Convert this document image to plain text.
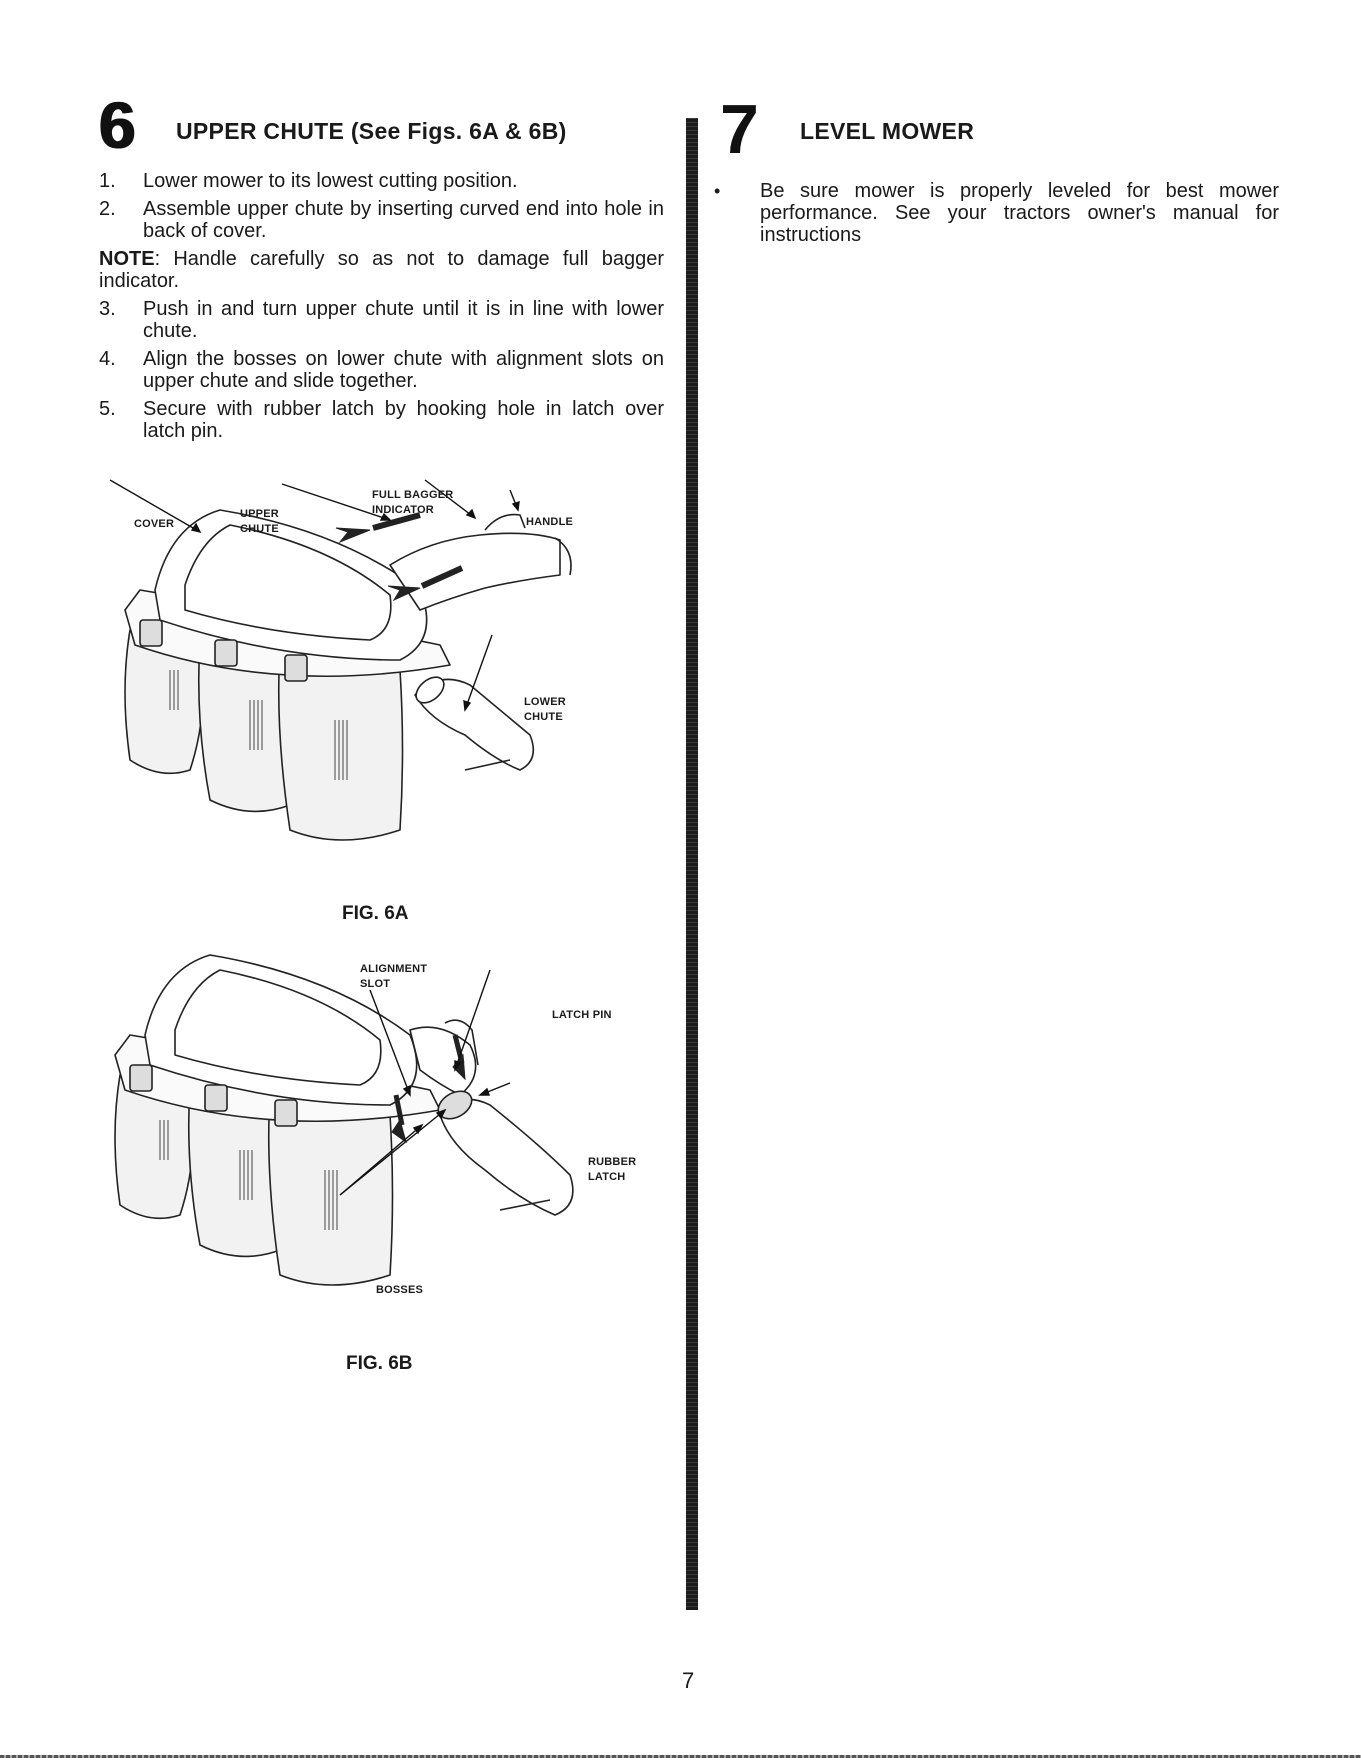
6 UPPER CHUTE (See Figs. 6A & 6B)
1.	Lower mower to its lowest cutting position.
2.	Assemble upper chute by inserting curved end into hole in back of cover.

NOTE: Handle carefully so as not to damage full bagger indicator.

3.	Push in and turn upper chute until it is in line with lower chute.
4.	Align the bosses on lower chute with alignment slots on upper chute and slide together.
5.	Secure with rubber latch by hooking hole in latch over latch pin.
7 LEVEL MOWER
•	Be sure mower is properly leveled for best mower performance. See your tractors owner's manual for instructions
COVER
UPPER
CHUTE
FULL BAGGER
INDICATOR
HANDLE
LOWER
CHUTE
FIG. 6A
ALIGNMENT
SLOT
LATCH PIN
RUBBER
LATCH
BOSSES
FIG. 6B
7
